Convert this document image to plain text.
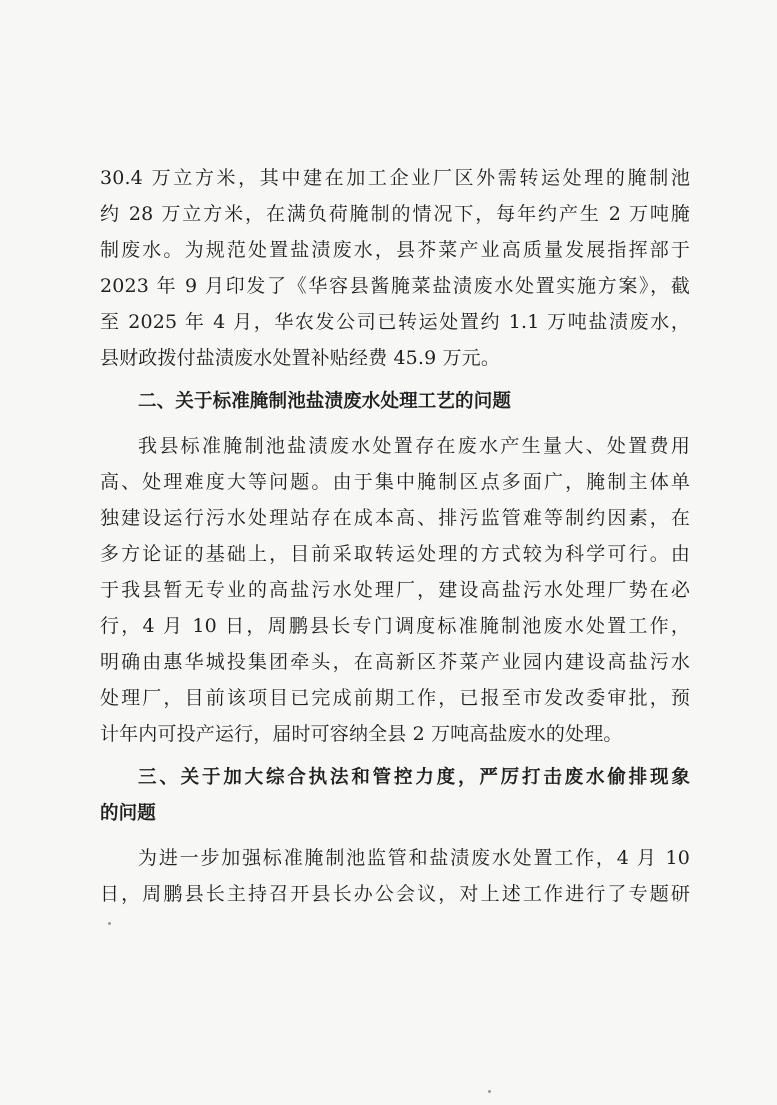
30.4 万立方米，其中建在加工企业厂区外需转运处理的腌制池
约 28 万立方米，在满负荷腌制的情况下，每年约产生 2 万吨腌
制废水。为规范处置盐渍废水，县芥菜产业高质量发展指挥部于
2023 年 9 月印发了《华容县酱腌菜盐渍废水处置实施方案》，截
至 2025 年 4 月，华农发公司已转运处置约 1.1 万吨盐渍废水，
县财政拨付盐渍废水处置补贴经费 45.9 万元。
二、关于标准腌制池盐渍废水处理工艺的问题
我县标准腌制池盐渍废水处置存在废水产生量大、处置费用
高、处理难度大等问题。由于集中腌制区点多面广，腌制主体单
独建设运行污水处理站存在成本高、排污监管难等制约因素，在
多方论证的基础上，目前采取转运处理的方式较为科学可行。由
于我县暂无专业的高盐污水处理厂，建设高盐污水处理厂势在必
行，4 月 10 日，周鹏县长专门调度标准腌制池废水处置工作，
明确由惠华城投集团牵头，在高新区芥菜产业园内建设高盐污水
处理厂，目前该项目已完成前期工作，已报至市发改委审批，预
计年内可投产运行，届时可容纳全县 2 万吨高盐废水的处理。
三、关于加大综合执法和管控力度，严厉打击废水偷排现象
的问题
为进一步加强标准腌制池监管和盐渍废水处置工作，4 月 10
日，周鹏县长主持召开县长办公会议，对上述工作进行了专题研
